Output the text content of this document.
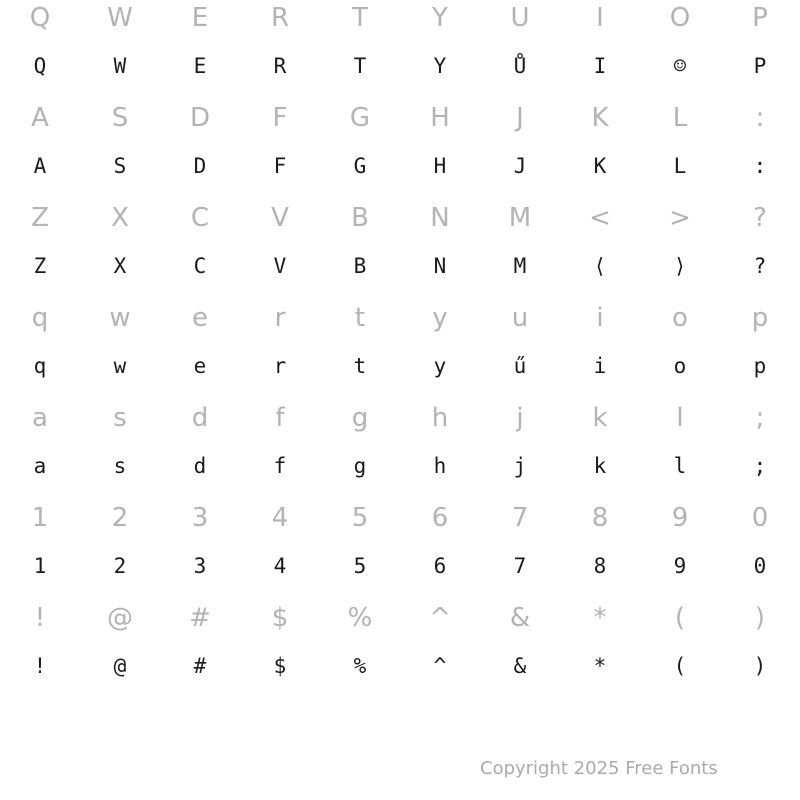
Q	W	E	R	T	Y	U	I	O	P
Q	W	E	R	T	Y	Ů	I	☺	P
A	S	D	F	G	H	J	K	L	:
A	S	D	F	G	H	J	K	L	:
Z	X	C	V	B	N	M	<	>	?
Z	X	C	V	B	N	M	⟨	⟩	?
q	w	e	r	t	y	u	i	o	p
q	w	e	r	t	y	ű	i	o	p
a	s	d	f	g	h	j	k	l	;
a	s	d	f	g	h	j	k	l	;
1	2	3	4	5	6	7	8	9	0
1	2	3	4	5	6	7	8	9	0
!	@	#	$	%	^	&	*	(	)
!	@	#	$	%	^	&	*	(	)
Copyright 2025 Free Fonts
